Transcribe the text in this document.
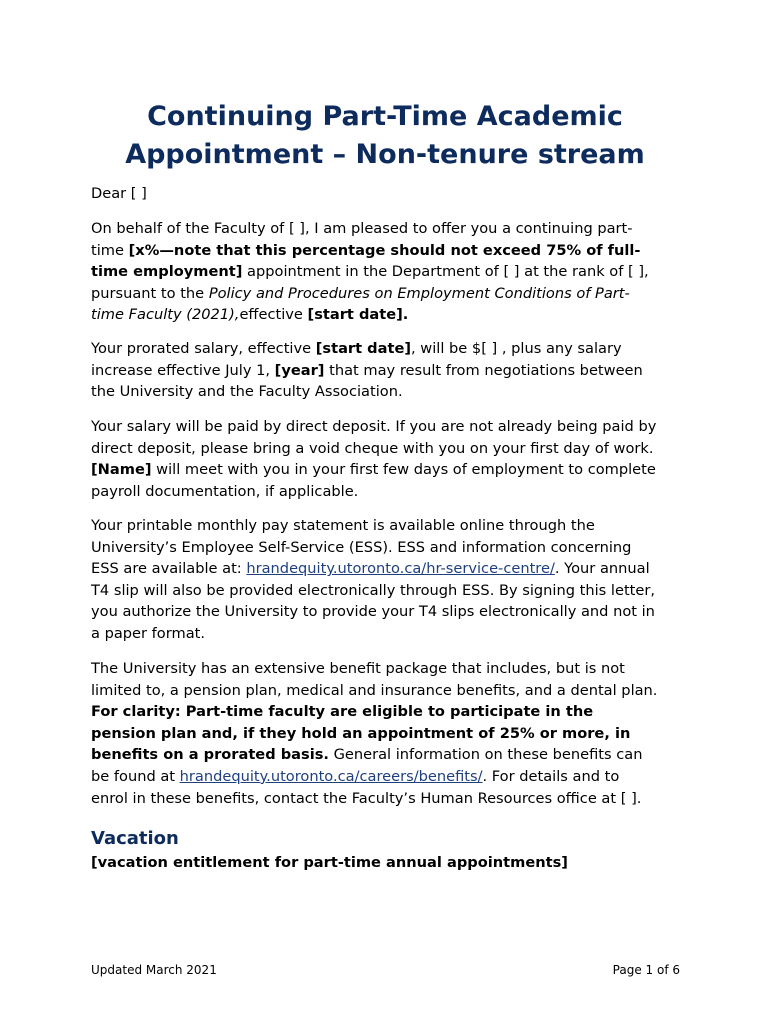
Continuing Part-Time Academic
Appointment – Non-tenure stream
Dear [ ]
On behalf of the Faculty of [ ], I am pleased to offer you a continuing part-
time [x%—note that this percentage should not exceed 75% of full-
time employment] appointment in the Department of [ ] at the rank of [ ],
pursuant to the Policy and Procedures on Employment Conditions of Part-
time Faculty (2021),effective [start date].
Your prorated salary, effective [start date], will be $[ ] , plus any salary
increase effective July 1, [year] that may result from negotiations between
the University and the Faculty Association.
Your salary will be paid by direct deposit. If you are not already being paid by
direct deposit, please bring a void cheque with you on your first day of work.
[Name] will meet with you in your first few days of employment to complete
payroll documentation, if applicable.
Your printable monthly pay statement is available online through the
University’s Employee Self-Service (ESS). ESS and information concerning
ESS are available at: hrandequity.utoronto.ca/hr-service-centre/. Your annual
T4 slip will also be provided electronically through ESS. By signing this letter,
you authorize the University to provide your T4 slips electronically and not in
a paper format.
The University has an extensive benefit package that includes, but is not
limited to, a pension plan, medical and insurance benefits, and a dental plan.
For clarity: Part-time faculty are eligible to participate in the
pension plan and, if they hold an appointment of 25% or more, in
benefits on a prorated basis. General information on these benefits can
be found at hrandequity.utoronto.ca/careers/benefits/. For details and to
enrol in these benefits, contact the Faculty’s Human Resources office at [ ].
Vacation
[vacation entitlement for part-time annual appointments]
Updated March 2021	Page 1 of 6
